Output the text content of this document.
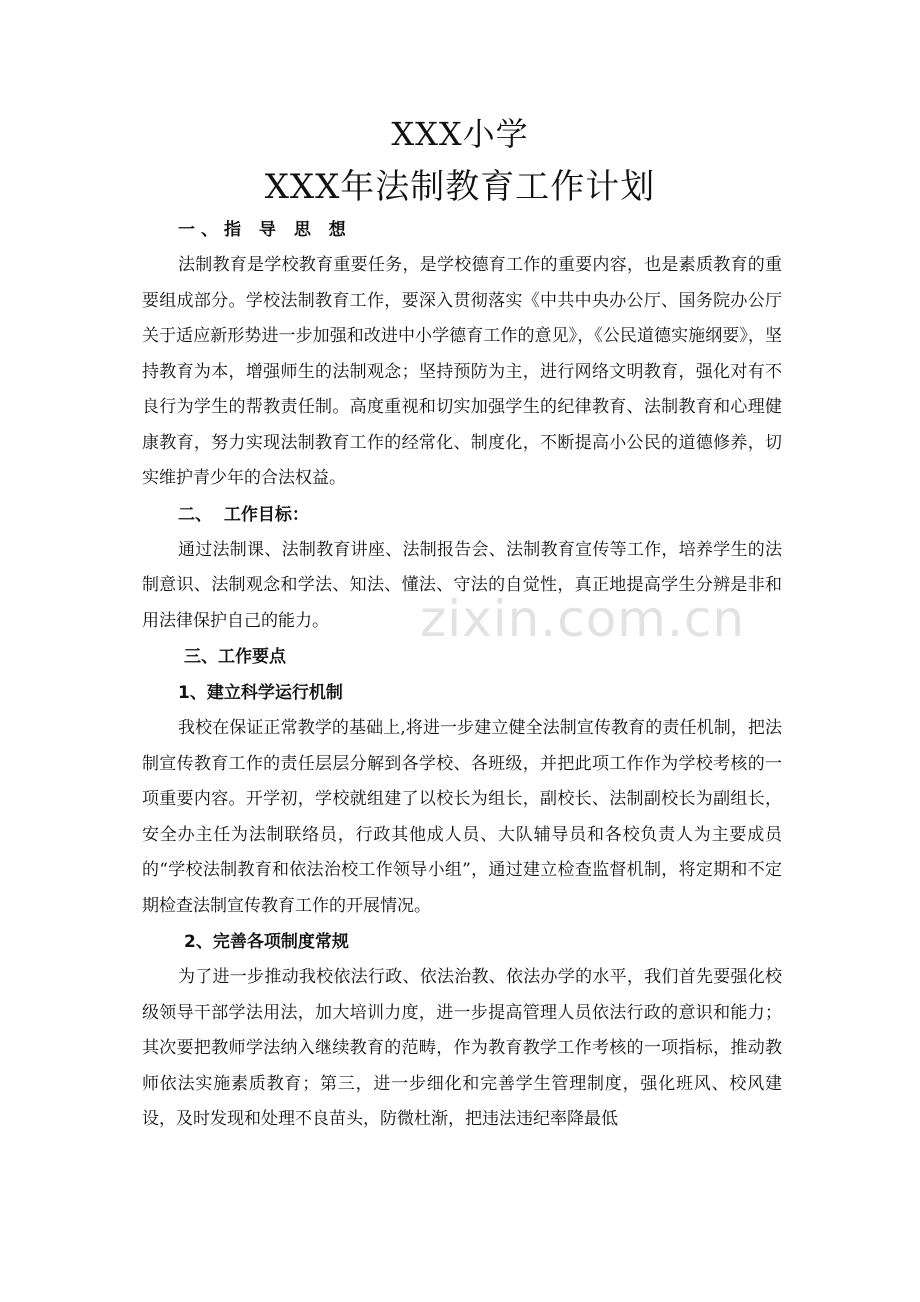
XXX小学
XXX年法制教育工作计划
一、指 导 思 想

法制教育是学校教育重要任务，是学校德育工作的重要内容，也是素质教育的重要组成部分。学校法制教育工作，要深入贯彻落实《中共中央办公厅、国务院办公厅关于适应新形势进一步加强和改进中小学德育工作的意见》，《公民道德实施纲要》，坚持教育为本，增强师生的法制观念；坚持预防为主，进行网络文明教育，强化对有不良行为学生的帮教责任制。高度重视和切实加强学生的纪律教育、法制教育和心理健康教育，努力实现法制教育工作的经常化、制度化，不断提高小公民的道德修养，切实维护青少年的合法权益。

二、  工作目标：

通过法制课、法制教育讲座、法制报告会、法制教育宣传等工作，培养学生的法制意识、法制观念和学法、知法、懂法、守法的自觉性，真正地提高学生分辨是非和用法律保护自己的能力。

三、工作要点
1、建立科学运行机制

我校在保证正常教学的基础上,将进一步建立健全法制宣传教育的责任机制，把法制宣传教育工作的责任层层分解到各学校、各班级，并把此项工作作为学校考核的一项重要内容。开学初，学校就组建了以校长为组长，副校长、法制副校长为副组长，安全办主任为法制联络员，行政其他成人员、大队辅导员和各校负责人为主要成员的“学校法制教育和依法治校工作领导小组”，通过建立检查监督机制，将定期和不定期检查法制宣传教育工作的开展情况。

2、完善各项制度常规

为了进一步推动我校依法行政、依法治教、依法办学的水平，我们首先要强化校级领导干部学法用法，加大培训力度，进一步提高管理人员依法行政的意识和能力；其次要把教师学法纳入继续教育的范畴，作为教育教学工作考核的一项指标，推动教师依法实施素质教育；第三，进一步细化和完善学生管理制度，强化班风、校风建设，及时发现和处理不良苗头，防微杜渐，把违法违纪率降最低

zixin.com.cn
